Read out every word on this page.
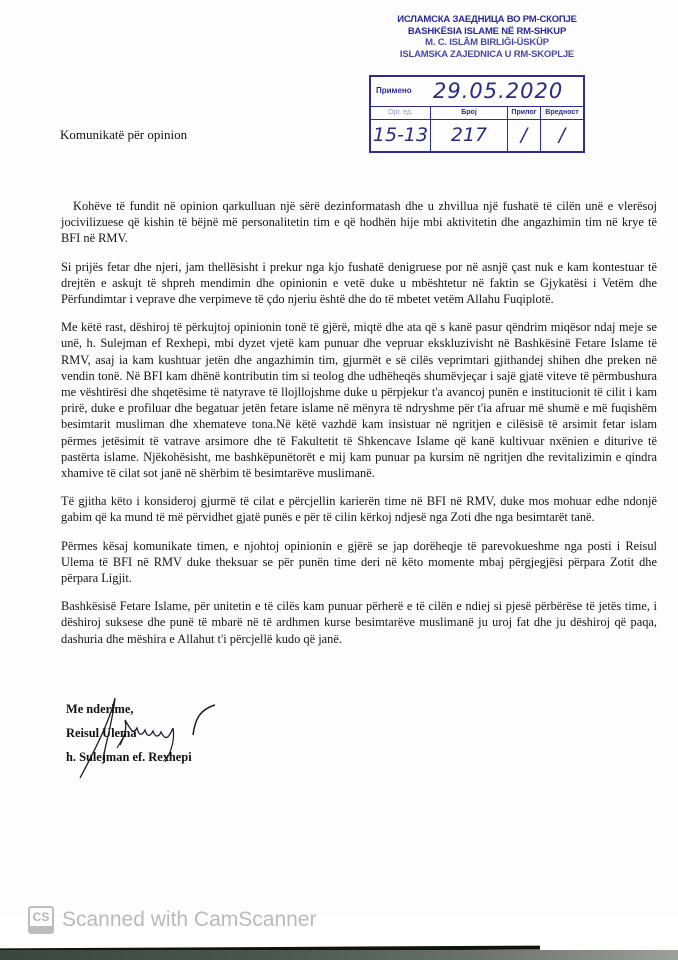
ИСЛАМСКА ЗАЕДНИЦА ВО РМ-СКОПЈЕ
BASHKËSIA ISLAME NË RM-SHKUP
M. C. ISLÂM BIRLIĞI-ÜSKÜP
ISLAMSKA ZAJEDNICA U RM-SKOPLJE
Примено 29.05.2020
Орг. ед.
15-13
Број
217
Прилог
/
Вредност
/
Komunikatë për opinion

Kohëve të fundit në opinion qarkulluan një sërë dezinformatash dhe u zhvillua një fushatë të cilën unë e vlerësoj jocivilizuese që kishin të bëjnë më personalitetin tim e që hodhën hije mbi aktivitetin dhe angazhimin tim në krye të BFI në RMV.

Si prijës fetar dhe njeri, jam thellësisht i prekur nga kjo fushatë denigruese por në asnjë çast nuk e kam kontestuar të drejtën e askujt të shpreh mendimin dhe opinionin e vetë duke u mbështetur në faktin se Gjykatësi i Vetëm dhe Përfundimtar i veprave dhe verpimeve të çdo njeriu është dhe do të mbetet vetëm Allahu Fuqiplotë.

Me këtë rast, dëshiroj të përkujtoj opinionin tonë të gjërë, miqtë dhe ata që s kanë pasur qëndrim miqësor ndaj meje se unë, h. Sulejman ef Rexhepi, mbi dyzet vjetë kam punuar dhe vepruar ekskluzivisht në Bashkësinë Fetare Islame të RMV, asaj ia kam kushtuar jetën dhe angazhimin tim, gjurmët e së cilës veprimtari gjithandej shihen dhe preken në vendin tonë. Në BFI kam dhënë kontributin tim si teolog dhe udhëheqës shumëvjeçar i sajë gjatë viteve të përmbushura me vështirësi dhe shqetësime të natyrave të llojllojshme duke u përpjekur t'a avancoj punën e institucionit të cilit i kam prirë, duke e profiluar dhe begatuar jetën fetare islame në mënyra të ndryshme për t'ia afruar më shumë e më fuqishëm besimtarit musliman dhe xhemateve tona.Në këtë vazhdë kam insistuar në ngritjen e cilësisë të arsimit fetar islam përmes jetësimit të vatrave arsimore dhe të Fakultetit të Shkencave Islame që kanë kultivuar nxënien e diturive të pastërta islame. Njëkohësisht, me bashkëpunëtorët e mij kam punuar pa kursim në ngritjen dhe revitalizimin e qindra xhamive të cilat sot janë në shërbim të besimtarëve muslimanë.

Të gjitha këto i konsideroj gjurmë të cilat e përcjellin karierën time në BFI në RMV, duke mos mohuar edhe ndonjë gabim që ka mund të më përvidhet gjatë punës e për të cilin kërkoj ndjesë nga Zoti dhe nga besimtarët tanë.

Përmes kësaj komunikate timen, e njohtoj opinionin e gjërë se jap dorëheqje të parevokueshme nga posti i Reisul Ulema të BFI në RMV duke theksuar se për punën time deri në këto momente mbaj përgjegjësi përpara Zotit dhe përpara Ligjit.

Bashkësisë Fetare Islame, për unitetin e të cilës kam punuar përherë e të cilën e ndiej si pjesë përbërëse të jetës time, i dëshiroj suksese dhe punë të mbarë në të ardhmen kurse besimtarëve muslimanë ju uroj fat dhe ju dëshiroj që paqa, dashuria dhe mëshira e Allahut t'i përcjellë kudo që janë.

Me nderime,
Reisul Ulema
h. Sulejman ef. Rexhepi
CS Scanned with CamScanner
